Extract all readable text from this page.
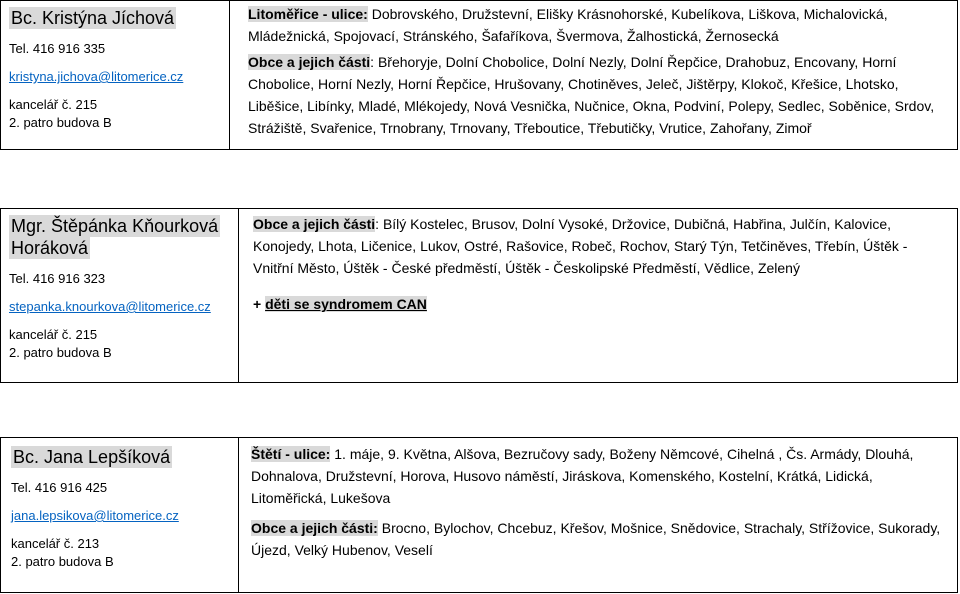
Bc. Kristýna Jíchová
Tel. 416 916 335
kristyna.jichova@litomerice.cz
kancelář č. 215
2. patro budova B
Litoměřice - ulice: Dobrovského, Družstevní, Elišky Krásnohorské, Kubelíkova, Liškova, Michalovická, Mládežnická, Spojovací, Stránského, Šafaříkova, Švermova, Žalhostická, Žernosecká
Obce a jejich části: Břehoryje, Dolní Chobolice, Dolní Nezly, Dolní Řepčice, Drahobuz, Encovany, Horní Chobolice, Horní Nezly, Horní Řepčice, Hrušovany, Chotiněves, Jeleč, Jištěrpy, Klokoč, Křešice, Lhotsko, Liběšice, Libínky, Mladé, Mlékojedy, Nová Vesnička, Nučnice, Okna, Podviní, Polepy, Sedlec, Soběnice, Srdov, Strážiště, Svařenice, Trnobrany, Trnovany, Třeboutice, Třebutičky, Vrutice, Zahořany, Zimoř
Mgr. Štěpánka Kňourková
Horáková
Tel. 416 916 323
stepanka.knourkova@litomerice.cz
kancelář č. 215
2. patro budova B
Obce a jejich části: Bílý Kostelec, Brusov, Dolní Vysoké, Držovice, Dubičná, Habřina, Julčín, Kalovice, Konojedy, Lhota, Ličenice, Lukov, Ostré, Rašovice, Robeč, Rochov, Starý Týn, Tetčiněves, Třebín, Úštěk - Vnitřní Město, Úštěk - České předměstí, Úštěk - Českolipské Předměstí, Vědlice, Zelený
+ děti se syndromem CAN
Bc. Jana Lepšíková
Tel. 416 916 425
jana.lepsikova@litomerice.cz
kancelář č. 213
2. patro budova B
Štětí - ulice: 1. máje, 9. Května, Alšova, Bezručovy sady, Boženy Němcové, Cihelná , Čs. Armády, Dlouhá, Dohnalova, Družstevní, Horova, Husovo náměstí, Jiráskova, Komenského, Kostelní, Krátká, Lidická, Litoměřická, Lukešova
Obce a jejich části: Brocno, Bylochov, Chcebuz, Křešov, Mošnice, Snědovice, Strachaly, Střížovice, Sukorady, Újezd, Velký Hubenov, Veselí
